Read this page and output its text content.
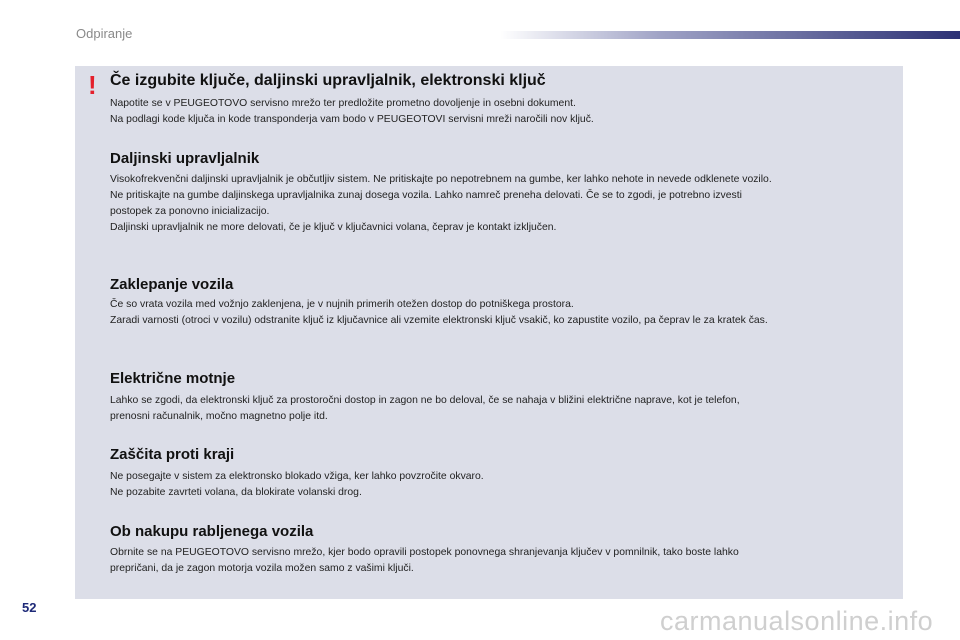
Odpiranje
! Če izgubite ključe, daljinski upravljalnik, elektronski ključ
Napotite se v PEUGEOTOVO servisno mrežo ter predložite prometno dovoljenje in osebni dokument.
Na podlagi kode ključa in kode transponderja vam bodo v PEUGEOTOVI servisni mreži naročili nov ključ.
Daljinski upravljalnik
Visokofrekvenčni daljinski upravljalnik je občutljiv sistem. Ne pritiskajte po nepotrebnem na gumbe, ker lahko nehote in nevede odklenete vozilo.
Ne pritiskajte na gumbe daljinskega upravljalnika zunaj dosega vozila. Lahko namreč preneha delovati. Če se to zgodi, je potrebno izvesti
postopek za ponovno inicializacijo.
Daljinski upravljalnik ne more delovati, če je ključ v ključavnici volana, čeprav je kontakt izključen.
Zaklepanje vozila
Če so vrata vozila med vožnjo zaklenjena, je v nujnih primerih otežen dostop do potniškega prostora.
Zaradi varnosti (otroci v vozilu) odstranite ključ iz ključavnice ali vzemite elektronski ključ vsakič, ko zapustite vozilo, pa čeprav le za kratek čas.
Električne motnje
Lahko se zgodi, da elektronski ključ za prostoročni dostop in zagon ne bo deloval, če se nahaja v bližini električne naprave, kot je telefon,
prenosni računalnik, močno magnetno polje itd.
Zaščita proti kraji
Ne posegajte v sistem za elektronsko blokado vžiga, ker lahko povzročite okvaro.
Ne pozabite zavrteti volana, da blokirate volanski drog.
Ob nakupu rabljenega vozila
Obrnite se na PEUGEOTOVO servisno mrežo, kjer bodo opravili postopek ponovnega shranjevanja ključev v pomnilnik, tako boste lahko
prepričani, da je zagon motorja vozila možen samo z vašimi ključi.
52	carmanualsonline.info
